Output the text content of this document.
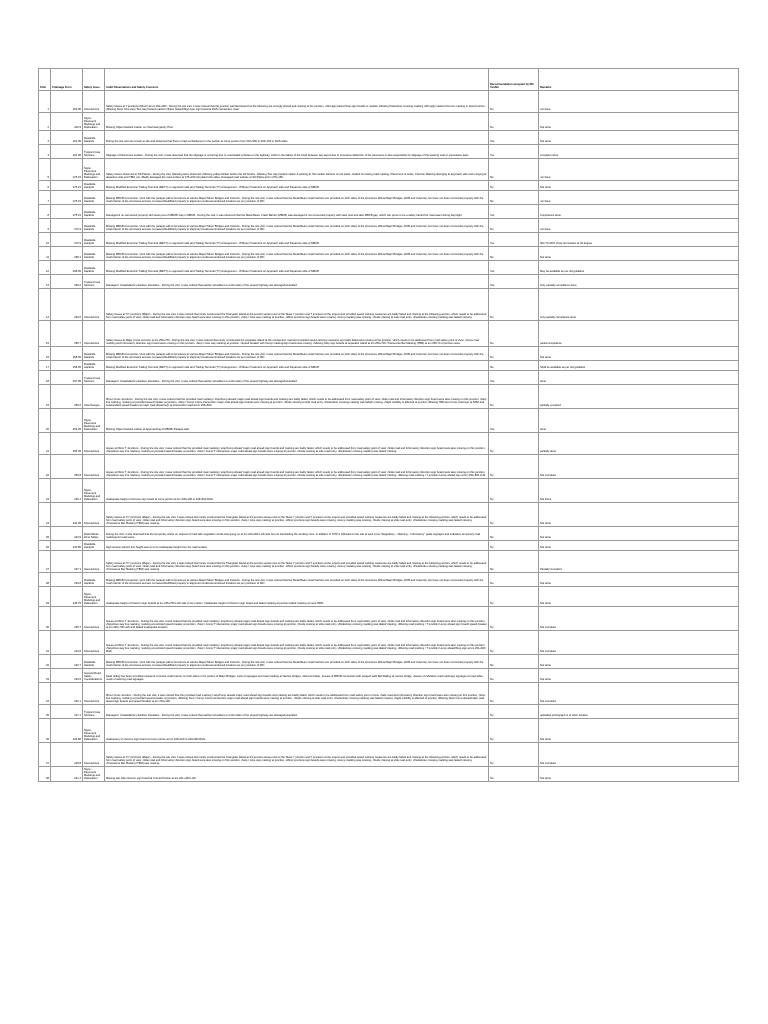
S.No	Chainage From	Safety Issue	Audit Observations and Safety Concerns	Recommendation accepted by RO Yes/No	Remarks
1	202.90	Intersections	Safety issues at T junctions (Minor) at km 202+900 - During the site visit, it was noticed that the junction well developed but the following are wrongly placed and missing at the junction. •Wrongly placed Stop sign boards in median •Missing Pedestrian crossing marking •Wrongly marked chevron marking in island portion. •Missing Stop/ Give way/ Two way hazard marker/ Object hazard/Sign type sign board at RHS intersection road.	No	not done
2	202.9	Signs, Pavement Markings and Delineation	Missing Object Hazard marker on Overhead gantry Post	No	Not done
3	201.95	Roadside Hazards	During the site visit we remain at site and observed that there is high embankment in the portion at curve section from 201+950 to 202+150 in RHS sides.	Yes	Not done
4	201.95	Typical Cross Sections	Slippage of bituminous surface - During the visit, it was observed that the slippage is occurring due to overloaded vehicles on the highway, which is the failure of the bond between two layers due to excessive deflection of the pavement is also responsible for slippage of the wearing coat or successive layer.	Yes	complaint done
5	275.15	Signs, Pavement Markings and Delineation	Safety issues observed at Toll Plazas - During the visit, following were observed: •Missing yellow blinker before the toll booths. •Missing Two way hazard marker & parking at Toll median barriers on toll plaza. •Faded & missing road marking, Placement of studs, Chevron Marking diverging at approach side and merging at departure side and TBM, etc. •Badly damaged the road surface at 275+150 toll plaza both sides. Damaged road surface at Toll Plaza at Km 275+150.	No	not done
6	275.15	Roadside Hazards	Missing Modified Eccentric Trailing Terminal (METT) on approach side and Trailing Terminal (TT) Arrangement - W Beam Treatment on Approach side and Departure side of MBCB	No	Not done
7	275.15	Roadside Hazards	Missing MBCB Connection / joint with the parapet wall of structures at various Major/ Minor Bridges and Culverts - During the site visit, it was noticed that the Metal Beam crash barriers are provided on both sides of the structures (Minor/Major Bridges, ROB and Culverts), but have not been connected properly with the crash barrier of the structures and are not assembled/fitted properly in alignment at abovementioned locations as per provision of IRC.	No	not done
8	275.15	Roadside Hazards	Damaged & un-connected property with steel post of MBCB/ Gap in MBCB - During the visit, it was observed that the Metal Beam Crash Barrier (MBCB) was damaged & not connected properly with steel post and also MBCB gap, which can prove to be a safety hazard for road users during day/night.	Yes	Compliance done
9	272.9	Roadside Hazards	Missing MBCB Connection / joint with the parapet wall of structures at various Major/ Minor Bridges and Culverts - During the site visit, it was noticed that the Metal Beam crash barriers are provided on both sides of the structures (Minor/Major Bridges, ROB and Culverts), but have not been connected properly with the crash barrier of the structures and are not assembled/fitted properly in alignment at abovementioned locations as per provision of IRC.	No	not done
10	272.9	Roadside Hazards	Missing Modified Eccentric Trailing Terminal (METT) on approach side and Trailing Terminal (TT) Arrangement - W Beam Treatment on Approach side and Departure side of MBCB	Yes	IRC:73-2007 show termination at 45 degree
11	268.1	Roadside Hazards	Missing MBCB Connection / joint with the parapet wall of structures at various Major/ Minor Bridges and Culverts - During the site visit, it was noticed that the Metal Beam crash barriers are provided on both sides of the structures (Minor/Major Bridges, ROB and Culverts), but have not been connected properly with the crash barrier of the structures and are not assembled/fitted properly in alignment at abovementioned locations as per provision of IRC.	No	Not done
12	268.05	Roadside Hazards	Missing Modified Eccentric Trailing Terminal (METT) on approach side and Trailing Terminal (TT) Arrangement - W Beam Treatment on Approach side and Departure side of MBCB	Yes	May be available as per old guideline
13	266.2	Typical Cross Sections	Damaged / Unsatisfactory Earthen shoulders - During the visit, it was noticed that earthen shoulders on both sides of the project highway are damaged/unsettled.	Yes	Only partially compliance done
14	263.6	Intersections	Safety issues at T/Y junctions (Major) - During the site visit, it was noticed that nicely constructed the Triangular Island at the junction areas most of the Skew Y junction and T junctions at the project and provided speed calming measures are badly faded and missing at the following junction, which needs to be addressed from road safety point of view: •Side road and Informatory direction sign board were also missing on this junction. •Stop / Give way marking at junction. •Minor junctions sign boards were missing. •Hump marking was missing. •Studs missing at side road entry. •Pedestrian crossing marking was faded/ missing.	No	only partially compliance done
15	258.7	Intersections	Safety issues at Major Cross Junction at km 258+700 - During the site visit, it was noticed that nicely constructed the separator island at the intersection road and provided speed calming measures are badly faded and missing at the junction, which needs to be addressed from road safety point of view: •Cross road marking and Informatory direction sign board were missing on this junction. •Stop / Give way marking at junction. •Speed breaker with thump marking/sign board was missing. •Missing Stop sign boards at separator island at km 259+700 •Transverse Bar Marking (TBM) at km 258.70 of junction area.	No	partial compliance
16	258.05	Roadside Hazards	Missing MBCB Connection / joint with the parapet wall of structures at various Major/ Minor Bridges and Culverts - During the site visit, it was noticed that the Metal Beam crash barriers are provided on both sides of the structures (Minor/Major Bridges, ROB and Culverts), but have not been connected properly with the crash barrier of the structures and are not assembled/fitted properly in alignment at abovementioned locations as per provision of IRC.	No	Not done
17	258.05	Roadside Hazards	Missing Modified Eccentric Trailing Terminal (METT) on approach side and Trailing Terminal (TT) Arrangement - W Beam Treatment on Approach side and Departure side of MBCB	No	Shall be available as per old guideline
18	257.95	Typical Cross Sections	Damaged / Unsatisfactory Earthen shoulders - During the visit, it was noticed that earthen shoulders on both sides of the project highway are damaged/unsettled.	Yes	done
19	256.6	Interchanges	Minor Cross Junctions - During the site visit, it was noticed that the provided road marking / stop/hump ahead/ major road ahead sign boards and marking are badly faded, which needs to be addressed from road safety point of view: •Side road and Informatory direction sign board were also missing on this junction. •Stop line marking, marking at provided speed breaker at junction. •Stop / hump/ Cross intersection major road ahead sign boards were missing at junction. •Studs missing at side road entry. •Pedestrian crossing marking was faded/ missing. •Sight visibility is affected at junction •Missing TBM and Cross road sign at 5050 and substandard speed breaker at major road ahead sign at intersection road at km 256+660.	No	partially complied
20	256.25	Signs, Pavement Markings and Delineation	Missing Object Hazard marker at Approaching of MBCB/ Parapet wall.	Yes	done
21	255.45	Intersections	Issues at Minor T Junctions - During the site visit, it was noticed that the provided road marking / stop/hump ahead/ major road ahead sign boards and marking are badly faded, which needs to be addressed from road safety point of view: •Side road and Informatory direction sign board were also missing on this junction. •Stop/Give way line marking, marking at provided speed breaker at junction. •Stop / hump/ T intersection major road ahead sign boards were missing at junction. •Studs missing at side road entry. •Pedestrian crossing marking was faded/ missing.	No	partially done
22	250.8	Intersections	Issues at Minor T Junctions - During the site visit, it was noticed that the provided road marking / stop/hump ahead/ major road ahead sign boards and marking are badly faded, which needs to be addressed from road safety point of view: •Side road and Informatory direction sign board were also missing on this junction. •Stop/Give way line marking, marking at provided speed breaker at junction. •Stop / hump/ T intersection major road ahead sign boards were missing at junction. •Studs missing at side road entry. •Pedestrian crossing marking was faded/ missing. •Missing road marking / T junction/ Hump ahead sign at km 250+800 LHS.	No	Not complied
23	249.1	Signs, Pavement Markings and Delineation	Inadequate height of chevron sign board at curve portion at km 249+100 to 249+300 RHS.	No	Not Done
24	244.05	Intersections	Safety issues at T/Y junctions (Major) - During the site visit, it was noticed that nicely constructed the Triangular Island at the junction areas most of the Skew Y junction and T junctions at the project and provided speed calming measures are badly faded and missing at the following junction, which needs to be addressed from road safety point of view: •Side road and Informatory direction sign board were also missing on this junction. •Stop / Give way marking at junction. •Minor junctions sign boards were missing. •Hump marking was missing. •Studs missing at side road entry. •Pedestrian crossing marking was faded/ missing. •Transverse Bar Marking (TBM) was missing.	No	Not done
25	243.9	Road Works Zone Safety	During the visit, it was observed that the temporary works on request of road side vegetation works was going on at km 243+900 LHS side but not barricading the working zone. In addition to TMP is followed on the site at work zone "Regulatory – Warning – Informatory" guide signages and indicative temporary road markings for road users.	No	Not done
26	240.85	Roadside Hazards	High tension electric line height seems to be inadequate height from the road surface.	No	Not done
27	237.1	Intersections	Safety issues at T/Y junctions (Major) - During the site visit, it was noticed that nicely constructed the Triangular Island at the junction areas most of the Skew Y junction and T junctions at the project and provided speed calming measures are badly faded and missing at the following junction, which needs to be addressed from road safety point of view: •Side road and Informatory direction sign board were also missing on this junction. •Stop / Give way marking at junction. •Minor junctions sign boards were missing. •Hump marking was missing. •Studs missing at side road entry. •Pedestrian crossing marking was faded/ missing. •Transverse Bar Marking (TBM) was missing.	No	Partially Complied
28	236.8	Roadside Hazards	Missing MBCB Connection / joint with the parapet wall of structures at various Major/ Minor Bridges and Culverts - During the site visit, it was noticed that the Metal Beam crash barriers are provided on both sides of the structures (Minor/Major Bridges, ROB and Culverts), but have not been connected properly with the crash barrier of the structures and are not assembled/fitted properly in alignment at abovementioned locations as per provision of IRC.	No	Not done
29	235.75	Signs, Pavement Markings and Delineation	Inadequate height of Chevron sign boards at km 235+750 LHS side curve portion. Inadequate height of Chevron sign board and faded marking at junction faded marking at more 5050.	No	Not done
30	235.7	Intersections	Issues at Minor T Junctions - During the site visit, it was noticed that the provided road marking / stop/hump ahead/ major road ahead sign boards and marking are badly faded, which needs to be addressed from road safety point of view: •Side road and Informatory direction sign board were also missing on this junction. •Stop/Give way line marking, marking at provided speed breaker at junction. •Stop / hump/ T intersection major road ahead sign boards were missing at junction. •Studs missing at side road entry. •Pedestrian crossing marking was faded/ missing. •Missing road marking / T junction/ Hump ahead sign board/ speed breaker at km 235+700 LHS and faded/ inadequate location.	No	Not complied
31	234.6	Intersections	Issues at Minor T Junctions - During the site visit, it was noticed that the provided road marking / stop/hump ahead/ major road ahead sign boards and marking are badly faded, which needs to be addressed from road safety point of view: •Side road and Informatory direction sign board were also missing on this junction. •Stop/Give way line marking, marking at provided speed breaker at junction. •Stop / hump/ T intersection major road ahead sign boards were missing at junction. •Studs missing at side road entry. •Pedestrian crossing marking was faded/ missing. •Missing road marking / T junction/ Hump ahead/Stop sign at km 234+600 RHS.	No	Not complied
32	233.7	Roadside Hazards	Missing MBCB Connection / joint with the parapet wall of structures at various Major/ Minor Bridges and Culverts - During the site visit, it was noticed that the Metal Beam crash barriers are provided on both sides of the structures (Minor/Major Bridges, ROB and Culverts), but have not been connected properly with the crash barrier of the structures and are not assembled/fitted properly in alignment at abovementioned locations as per provision of IRC.	No	Not done
33	233.6	General Road Safety Considerations	Steel railing has been provided instead of concrete crash barrier on both sides in the portion of Major Bridges. Lack of signages and road marking at Narrow bridges. •Narrow bridge. •Issues of MBCB connection with parapet wall/ Bell Railing at narrow bridge. •Issues of indicative road markings/ signages at road sides. •Lack of warning road signages.	No	Not done
34	232.1	Intersections	Minor Cross Junction - During the site visit, it was noticed that the provided road marking / stop/hump ahead/ major road ahead sign boards and marking are badly faded, which needs to be addressed from road safety point of view: •Side road and Informatory direction sign board were also missing on this junction. •Stop line marking, marking at provided speed breaker at junction. •Missing Stop / hump/ Cross intersection major road ahead sign boards were missing at junction. •Studs missing at side road entry. •Pedestrian crossing marking was faded/ missing. •Sight visibility is affected at junction •Missing Stop/ hump ahead/major road ahead sign boards and speed breaker at km 232+100.	No	Not complied
35	227.1	Typical Cross Sections	Damaged / Unsatisfactory Earthen shoulders - During the visit, it was noticed that earthen shoulders on both sides of the project highway are damaged/unsettled.	No	uploaded photograph is of other location
36	226.80	Signs, Pavement Markings and Delineation	Inadequacy of chevron sign board at curve portion at km 249+100 to 249+300 RHS.	No	Not done
37	225.8	Intersections	Safety issues at T/Y junctions (Major) - During the site visit, it was noticed that nicely constructed the Triangular Island at the junction areas most of the Skew Y junction and T junctions at the project and provided speed calming measures are badly faded and missing at the following junction, which needs to be addressed from road safety point of view: •Side road and Informatory direction sign board were also missing on this junction. •Stop / Give way marking at junction. •Minor junctions sign boards were missing. •Hump marking was missing. •Studs missing at side road entry. •Pedestrian crossing marking was faded/ missing. •Transverse Bar Marking (TBM) was missing.	No	Not complied
38	221.4	Signs, Pavement Markings and Delineation	Missing two side chevron sign board at Curved Portion at km 221+400 LHS	No	Not done
